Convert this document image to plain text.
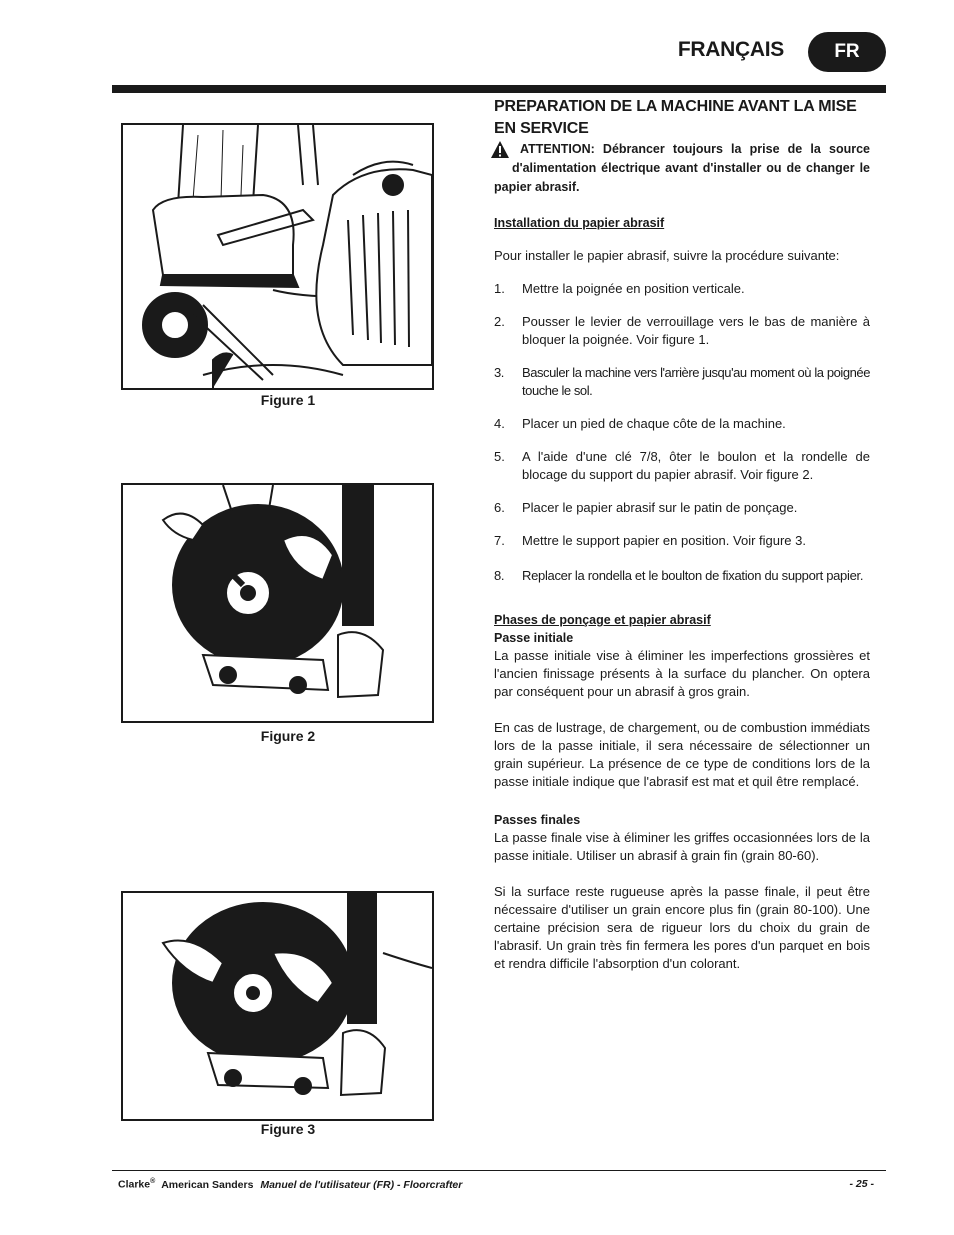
FRANÇAIS	FR
Figure 1
Figure 2
Figure 3
PREPARATION DE LA MACHINE AVANT LA MISE EN SERVICE
ATTENTION: Débrancer toujours la prise de la source d'alimentation électrique avant d'installer ou de changer le papier abrasif.
Installation du papier abrasif

Pour installer le papier abrasif, suivre la procédure suivante:

1. Mettre la poignée en position verticale.
2. Pousser le levier de verrouillage vers le bas de manière à bloquer la poignée. Voir figure 1.
3. Basculer la machine vers l'arrière jusqu'au moment où la poignée touche le sol.
4. Placer un pied de chaque côte de la machine.
5. A l'aide d'une clé 7/8, ôter le boulon et la rondelle de blocage du support du papier abrasif. Voir figure 2.
6. Placer le papier abrasif sur le patin de ponçage.
7. Mettre le support papier en position. Voir figure 3.
8. Replacer la rondella et le boulton de fixation du support papier.
Phases de ponçage et papier abrasif
Passe initiale

La passe initiale vise à éliminer les imperfections grossières et l'ancien finissage présents à la surface du plancher. On optera par conséquent pour un abrasif à gros grain.

En cas de lustrage, de chargement, ou de combustion immédiats lors de la passe initiale, il sera nécessaire de sélectionner un grain supérieur. La présence de ce type de conditions lors de la passe initiale indique que l'abrasif est mat et quil être remplacé.

Passes finales

La passe finale vise à éliminer les griffes occasionnées lors de la passe initiale. Utiliser un abrasif à grain fin (grain 80-60).

Si la surface reste rugueuse après la passe finale, il peut être nécessaire d'utiliser un grain encore plus fin (grain 80-100). Une certaine précision sera de rigueur lors du choix du grain de l'abrasif. Un grain très fin fermera les pores d'un parquet en bois et rendra difficile l'absorption d'un colorant.

Clarke® American Sanders Manuel de l'utilisateur (FR) - Floorcrafter	- 25 -
